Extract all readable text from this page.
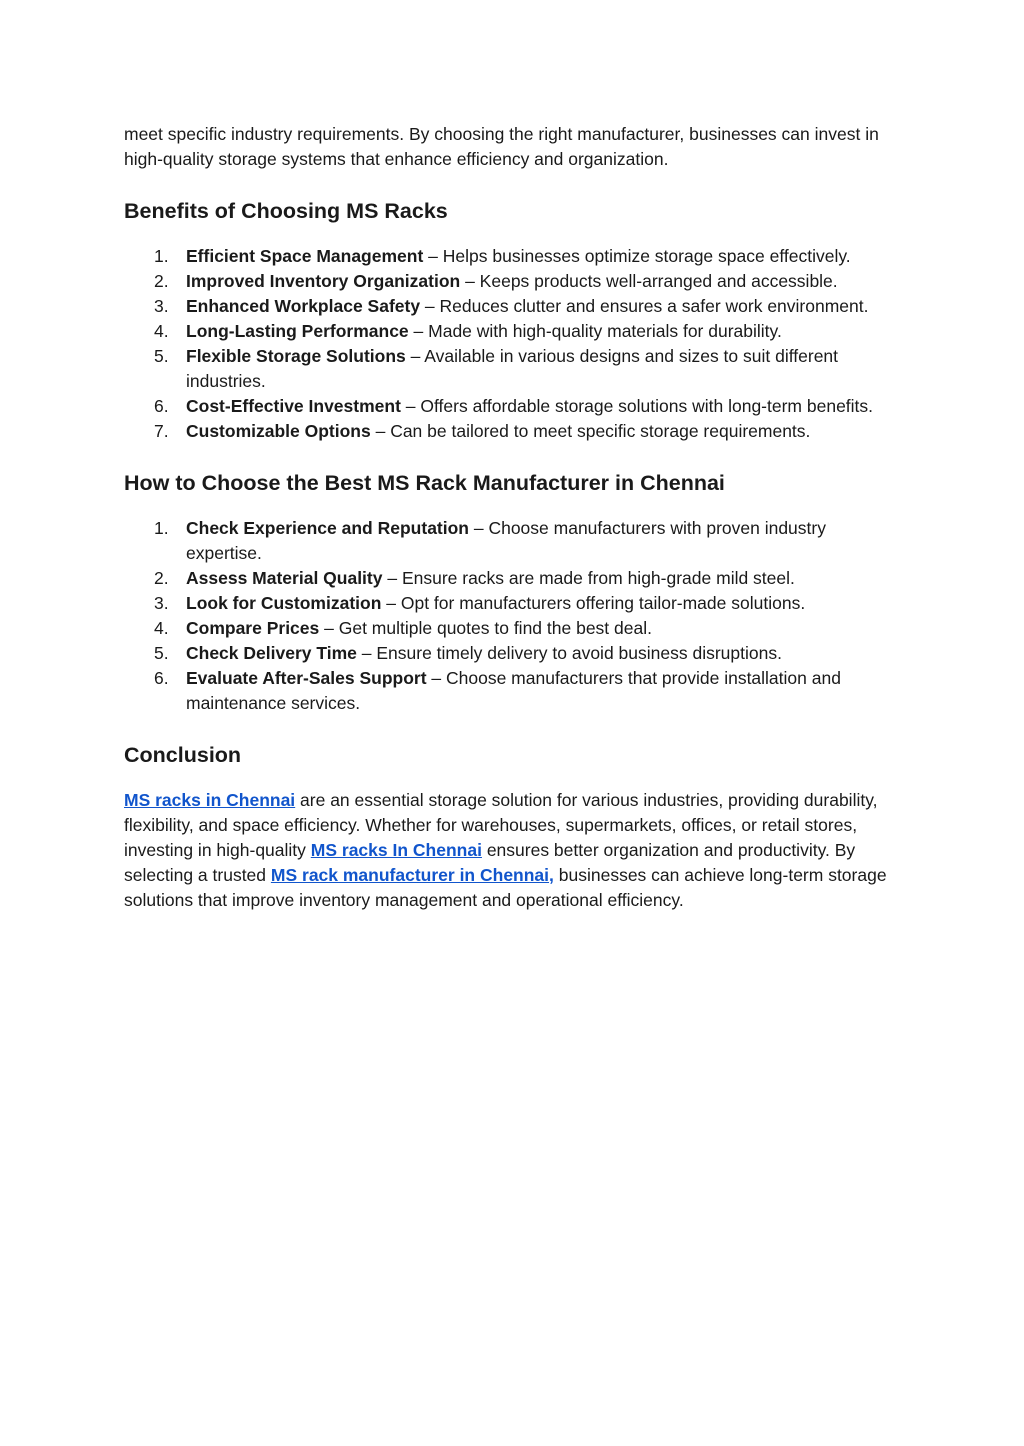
meet specific industry requirements. By choosing the right manufacturer, businesses can invest in high-quality storage systems that enhance efficiency and organization.

Benefits of Choosing MS Racks
1. Efficient Space Management – Helps businesses optimize storage space effectively.
2. Improved Inventory Organization – Keeps products well-arranged and accessible.
3. Enhanced Workplace Safety – Reduces clutter and ensures a safer work environment.
4. Long-Lasting Performance – Made with high-quality materials for durability.
5. Flexible Storage Solutions – Available in various designs and sizes to suit different industries.
6. Cost-Effective Investment – Offers affordable storage solutions with long-term benefits.
7. Customizable Options – Can be tailored to meet specific storage requirements.
How to Choose the Best MS Rack Manufacturer in Chennai
1. Check Experience and Reputation – Choose manufacturers with proven industry expertise.
2. Assess Material Quality – Ensure racks are made from high-grade mild steel.
3. Look for Customization – Opt for manufacturers offering tailor-made solutions.
4. Compare Prices – Get multiple quotes to find the best deal.
5. Check Delivery Time – Ensure timely delivery to avoid business disruptions.
6. Evaluate After-Sales Support – Choose manufacturers that provide installation and maintenance services.
Conclusion

MS racks in Chennai are an essential storage solution for various industries, providing durability, flexibility, and space efficiency. Whether for warehouses, supermarkets, offices, or retail stores, investing in high-quality MS racks In Chennai ensures better organization and productivity. By selecting a trusted MS rack manufacturer in Chennai, businesses can achieve long-term storage solutions that improve inventory management and operational efficiency.
